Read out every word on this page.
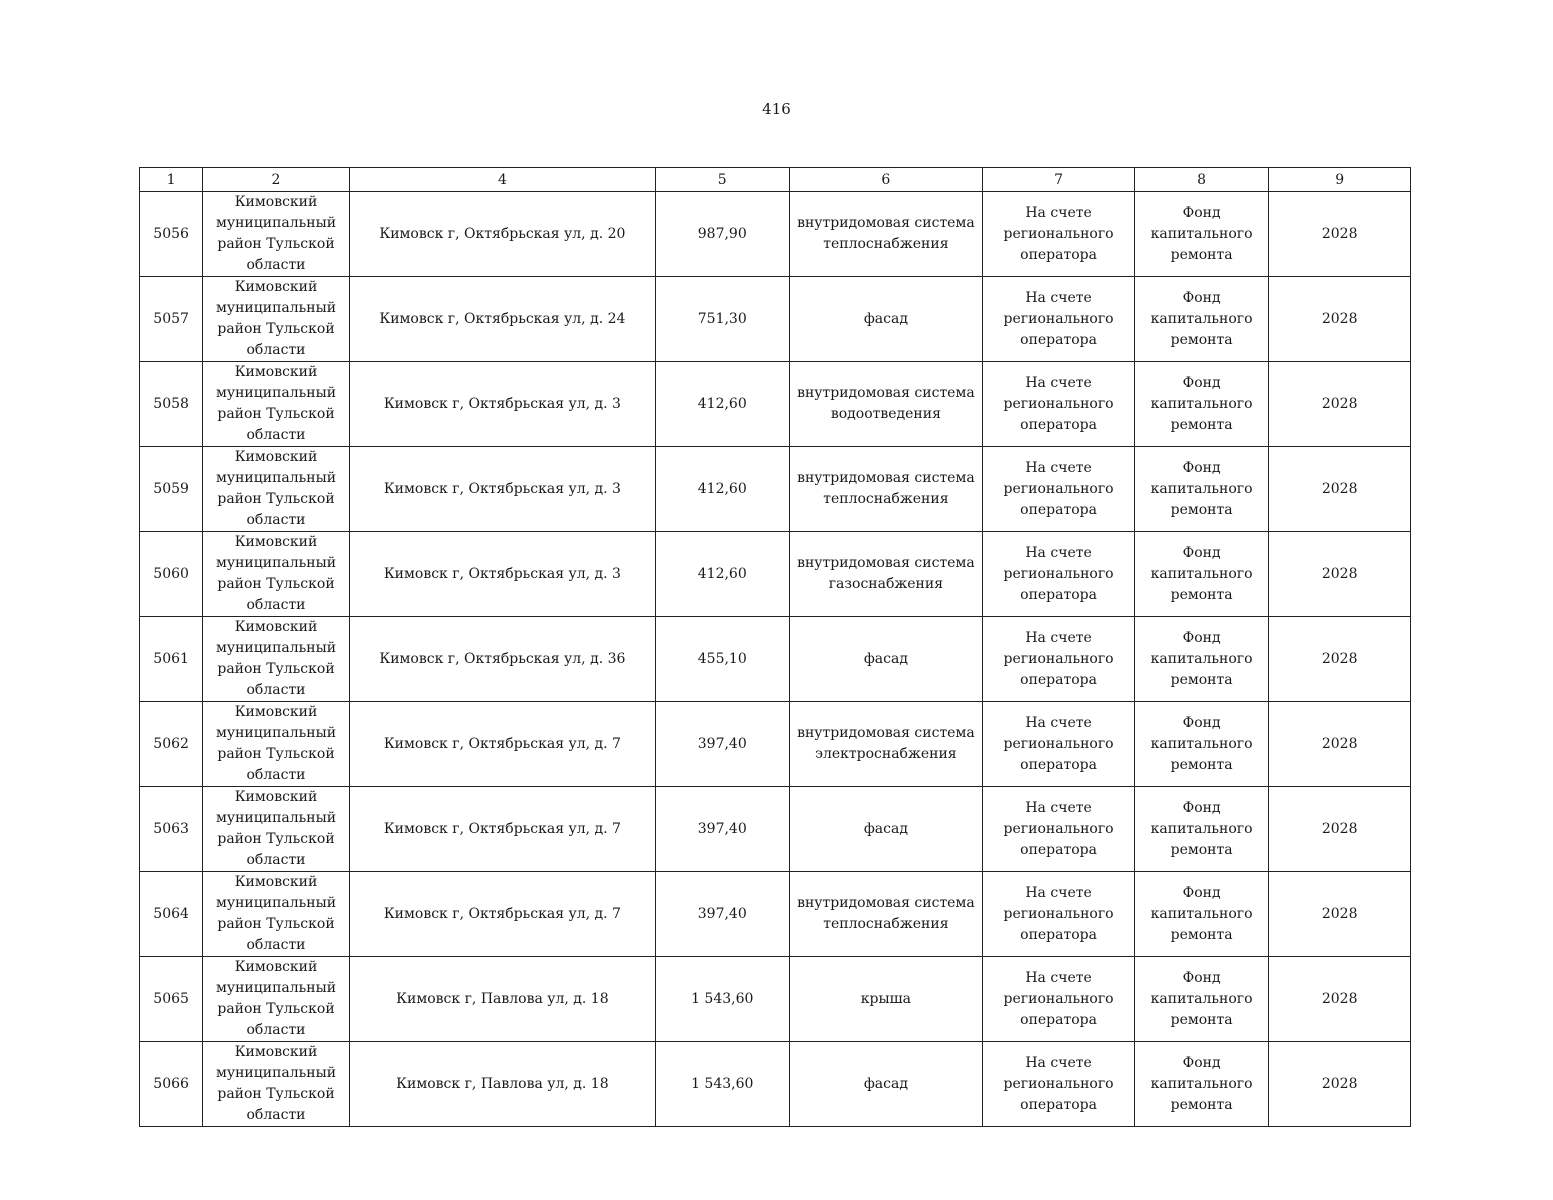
416
1	2	4	5	6	7	8	9
5056	Кимовский муниципальный район Тульской области	Кимовск г, Октябрьская ул, д. 20	987,90	внутридомовая система теплоснабжения	На счете регионального оператора	Фонд капитального ремонта	2028
5057	Кимовский муниципальный район Тульской области	Кимовск г, Октябрьская ул, д. 24	751,30	фасад	На счете регионального оператора	Фонд капитального ремонта	2028
5058	Кимовский муниципальный район Тульской области	Кимовск г, Октябрьская ул, д. 3	412,60	внутридомовая система водоотведения	На счете регионального оператора	Фонд капитального ремонта	2028
5059	Кимовский муниципальный район Тульской области	Кимовск г, Октябрьская ул, д. 3	412,60	внутридомовая система теплоснабжения	На счете регионального оператора	Фонд капитального ремонта	2028
5060	Кимовский муниципальный район Тульской области	Кимовск г, Октябрьская ул, д. 3	412,60	внутридомовая система газоснабжения	На счете регионального оператора	Фонд капитального ремонта	2028
5061	Кимовский муниципальный район Тульской области	Кимовск г, Октябрьская ул, д. 36	455,10	фасад	На счете регионального оператора	Фонд капитального ремонта	2028
5062	Кимовский муниципальный район Тульской области	Кимовск г, Октябрьская ул, д. 7	397,40	внутридомовая система электроснабжения	На счете регионального оператора	Фонд капитального ремонта	2028
5063	Кимовский муниципальный район Тульской области	Кимовск г, Октябрьская ул, д. 7	397,40	фасад	На счете регионального оператора	Фонд капитального ремонта	2028
5064	Кимовский муниципальный район Тульской области	Кимовск г, Октябрьская ул, д. 7	397,40	внутридомовая система теплоснабжения	На счете регионального оператора	Фонд капитального ремонта	2028
5065	Кимовский муниципальный район Тульской области	Кимовск г, Павлова ул, д. 18	1 543,60	крыша	На счете регионального оператора	Фонд капитального ремонта	2028
5066	Кимовский муниципальный район Тульской области	Кимовск г, Павлова ул, д. 18	1 543,60	фасад	На счете регионального оператора	Фонд капитального ремонта	2028
